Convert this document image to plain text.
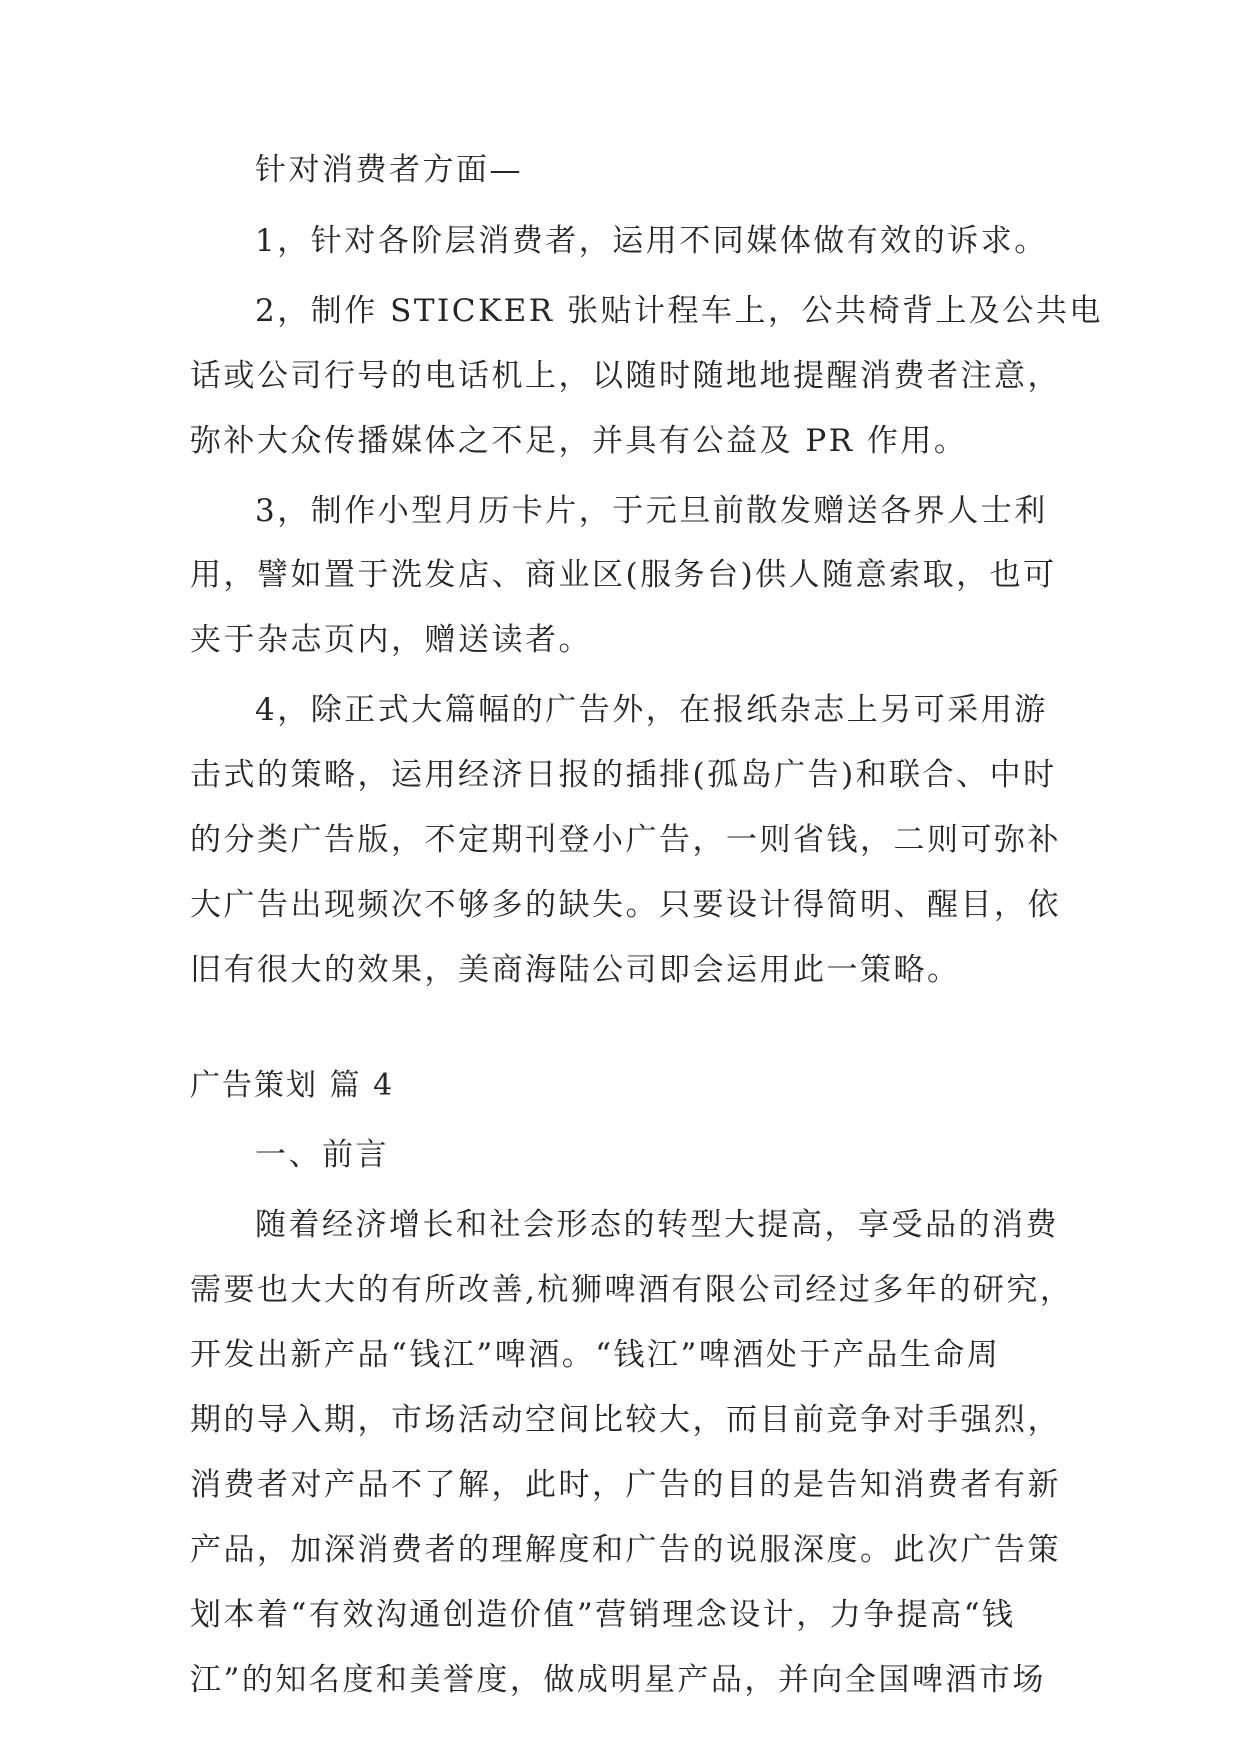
针对消费者方面—
1，针对各阶层消费者，运用不同媒体做有效的诉求。
2，制作 STICKER 张贴计程车上，公共椅背上及公共电
话或公司行号的电话机上，以随时随地地提醒消费者注意，
弥补大众传播媒体之不足，并具有公益及 PR 作用。
3，制作小型月历卡片，于元旦前散发赠送各界人士利
用，譬如置于洗发店、商业区(服务台)供人随意索取，也可
夹于杂志页内，赠送读者。
4，除正式大篇幅的广告外，在报纸杂志上另可采用游
击式的策略，运用经济日报的插排(孤岛广告)和联合、中时
的分类广告版，不定期刊登小广告，一则省钱，二则可弥补
大广告出现频次不够多的缺失。只要设计得简明、醒目，依
旧有很大的效果，美商海陆公司即会运用此一策略。
广告策划 篇 4
一、前言
随着经济增长和社会形态的转型大提高，享受品的消费
需要也大大的有所改善,杭狮啤酒有限公司经过多年的研究，
开发出新产品“钱江”啤酒。“钱江”啤酒处于产品生命周
期的导入期，市场活动空间比较大，而目前竞争对手强烈，
消费者对产品不了解，此时，广告的目的是告知消费者有新
产品，加深消费者的理解度和广告的说服深度。此次广告策
划本着“有效沟通创造价值”营销理念设计，力争提高“钱
江”的知名度和美誉度，做成明星产品，并向全国啤酒市场
